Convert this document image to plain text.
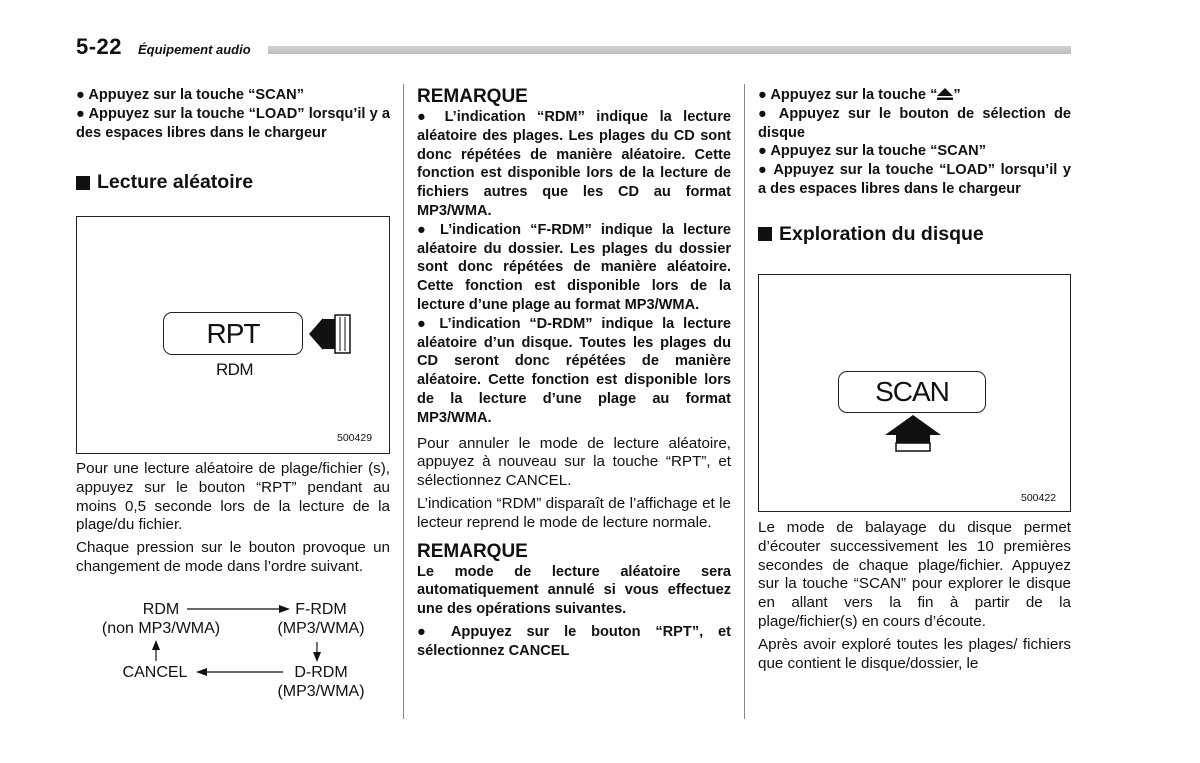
5-22 Équipement audio

● Appuyez sur la touche “SCAN”

● Appuyez sur la touche “LOAD” lorsqu’il y a des espaces libres dans le chargeur

Lecture aléatoire
RPT
RDM
500429

Pour une lecture aléatoire de plage/fichier (s), appuyez sur le bouton “RPT” pendant au moins 0,5 seconde lors de la lecture de la plage/du fichier.

Chaque pression sur le bouton provoque un changement de mode dans l’ordre suivant.

RDM
(non MP3/WMA)
F-RDM
(MP3/WMA)
CANCEL	D-RDM
(MP3/WMA)

REMARQUE

● L’indication “RDM” indique la lecture aléatoire des plages. Les plages du CD sont donc répétées de manière aléatoire. Cette fonction est disponible lors de la lecture de fichiers autres que les CD au format MP3/WMA.

● L’indication “F-RDM” indique la lecture aléatoire du dossier. Les plages du dossier sont donc répétées de manière aléatoire. Cette fonction est disponible lors de la lecture d’une plage au format MP3/WMA.

● L’indication “D-RDM” indique la lecture aléatoire d’un disque. Toutes les plages du CD seront donc répétées de manière aléatoire. Cette fonction est disponible lors de la lecture d’une plage au format MP3/WMA.

Pour annuler le mode de lecture aléatoire, appuyez à nouveau sur la touche “RPT”, et sélectionnez CANCEL.

L’indication “RDM” disparaît de l’affichage et le lecteur reprend le mode de lecture normale.

REMARQUE

Le mode de lecture aléatoire sera automatiquement annulé si vous effectuez une des opérations suivantes.

● Appuyez sur le bouton “RPT”, et sélectionnez CANCEL

● Appuyez sur la touche “ ”

● Appuyez sur le bouton de sélection de disque

● Appuyez sur la touche “SCAN”

● Appuyez sur la touche “LOAD” lorsqu’il y a des espaces libres dans le chargeur

Exploration du disque
SCAN
500422

Le mode de balayage du disque permet d’écouter successivement les 10 premières secondes de chaque plage/fichier. Appuyez sur la touche “SCAN” pour explorer le disque en allant vers la fin à partir de la plage/fichier(s) en cours d’écoute.

Après avoir exploré toutes les plages/ fichiers que contient le disque/dossier, le
